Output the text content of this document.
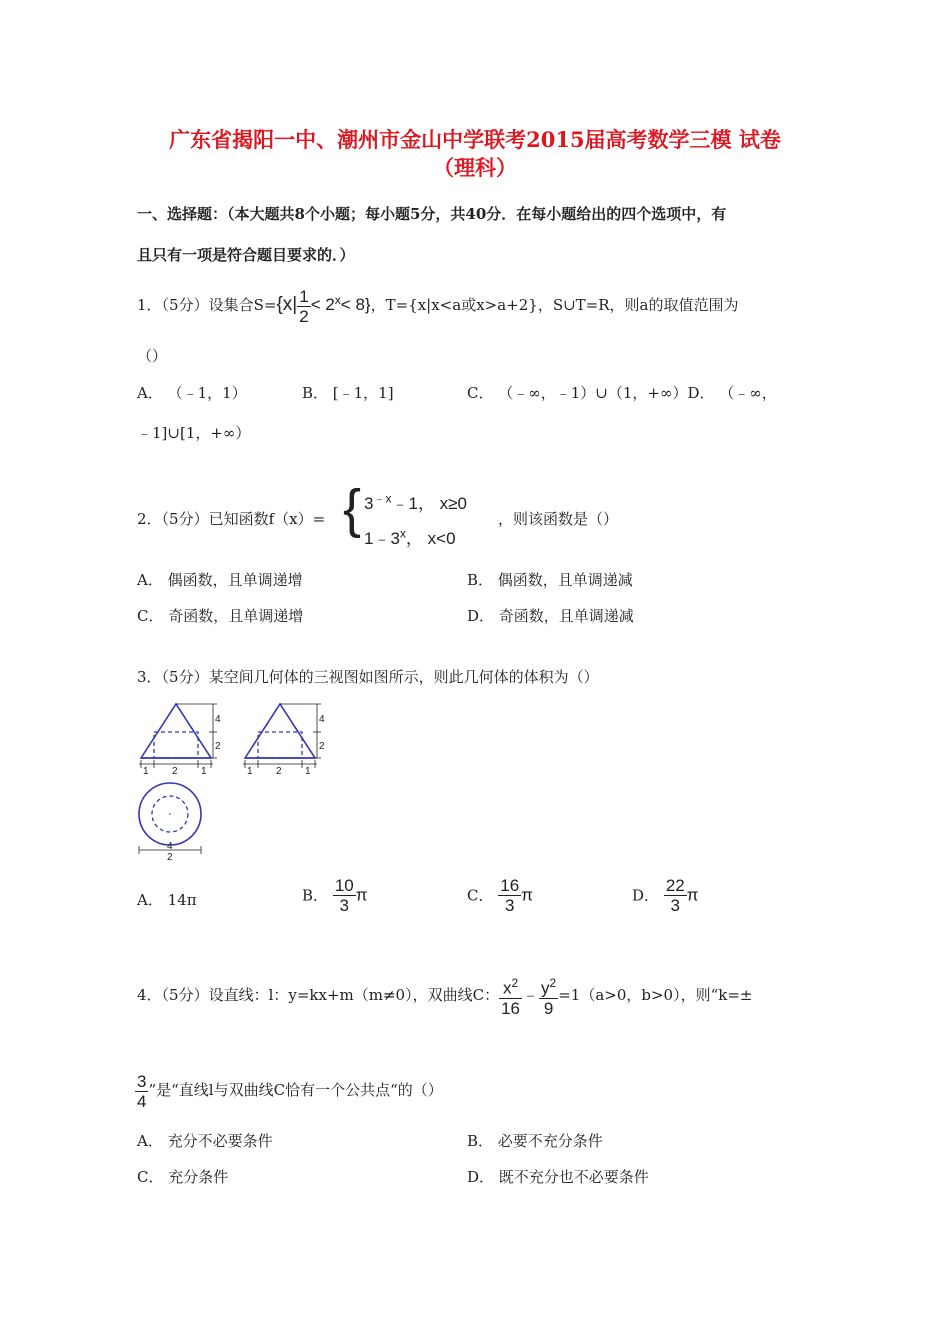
广东省揭阳一中、潮州市金山中学联考2015届高考数学三模 试卷
（理科）
一、选择题：（本大题共8个小题；每小题5分，共40分．在每小题给出的四个选项中，有
且只有一项是符合题目要求的．）
1．（5分）设集合$S=\{x| \frac{1}{2} < 2^x< 8\}$，T={x|x<a或x>a+2}，S∪T=R，则a的取值范围为
（）
A． （﹣1，1）	B． [﹣1，1]	C． （﹣∞，﹣1）∪（1，+∞）D． （﹣∞，
﹣1]∪[1，+∞）
2．（5分）已知函数f（x）= { $3^{﹣x}﹣1$， x≥0
1﹣3$^x$， x<0
，则该函数是（）
A． 偶函数，且单调递增	B． 偶函数，且单调递减
C． 奇函数，且单调递增	D． 奇函数，且单调递减
3．（5分）某空间几何体的三视图如图所示，则此几何体的体积为（）
4
2
1 2 1
4
2
1 2 1
4
2
A． 14π	B． $\frac{10}{3}$ π	C． $\frac{16}{3}$ π	D． $\frac{22}{3}$ π
4．（5分）设直线：l：y=kx+m（m≠0），双曲线C： $\frac{x^2}{16}$ ﹣ $\frac{y^2}{9} =1(a>0$，b>0），则“k=±
$\frac{3}{4}$ ”是“直线l与双曲线C恰有一个公共点“的（）
A． 充分不必要条件	B． 必要不充分条件
C． 充分条件	D． 既不充分也不必要条件
